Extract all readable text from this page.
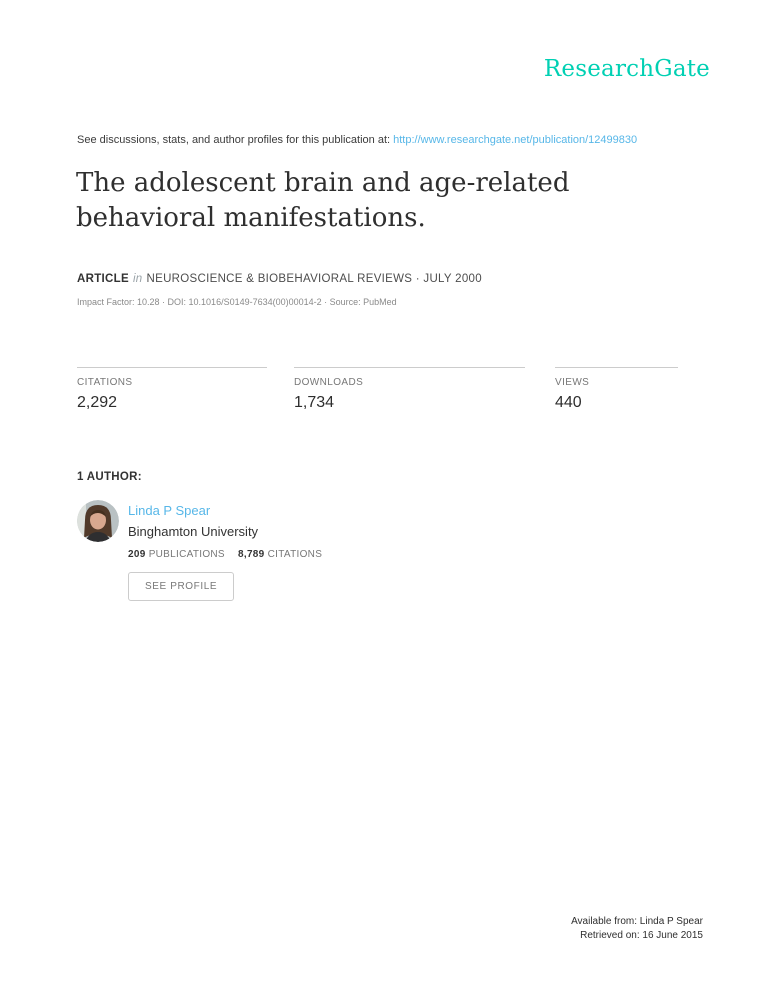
ResearchGate
See discussions, stats, and author profiles for this publication at: http://www.researchgate.net/publication/12499830
The adolescent brain and age-related behavioral manifestations.
ARTICLE in NEUROSCIENCE & BIOBEHAVIORAL REVIEWS · JULY 2000
Impact Factor: 10.28 · DOI: 10.1016/S0149-7634(00)00014-2 · Source: PubMed
CITATIONS
2,292
DOWNLOADS
1,734
VIEWS
440
1 AUTHOR:
Linda P Spear
Binghamton University
209 PUBLICATIONS 8,789 CITATIONS
SEE PROFILE
Available from: Linda P Spear
Retrieved on: 16 June 2015
